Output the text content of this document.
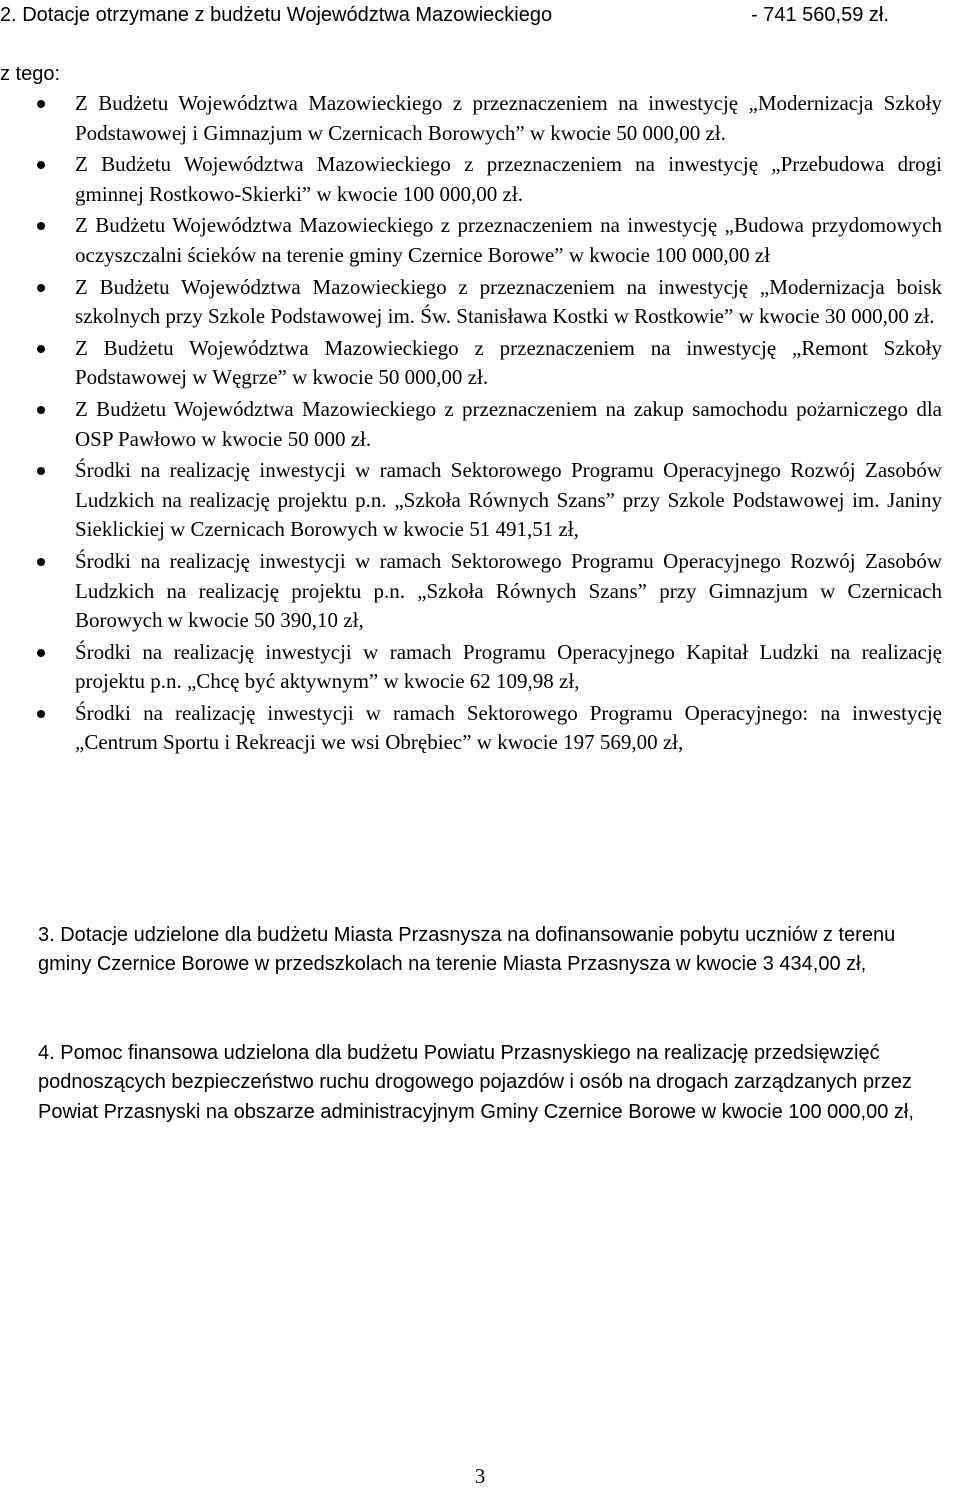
2. Dotacje otrzymane z budżetu Województwa Mazowieckiego	- 741 560,59 zł.
z tego:
Z Budżetu Województwa Mazowieckiego z przeznaczeniem na inwestycję „Modernizacja Szkoły Podstawowej i Gimnazjum w Czernicach Borowych” w kwocie 50 000,00 zł.
Z Budżetu Województwa Mazowieckiego z przeznaczeniem na inwestycję „Przebudowa drogi gminnej Rostkowo-Skierki” w kwocie 100 000,00 zł.
Z Budżetu Województwa Mazowieckiego z przeznaczeniem na inwestycję „Budowa przydomowych oczyszczalni ścieków na terenie gminy Czernice Borowe” w kwocie 100 000,00 zł
Z Budżetu Województwa Mazowieckiego z przeznaczeniem na inwestycję „Modernizacja boisk szkolnych przy Szkole Podstawowej im. Św. Stanisława Kostki w Rostkowie” w kwocie 30 000,00 zł.
Z Budżetu Województwa Mazowieckiego z przeznaczeniem na inwestycję „Remont Szkoły Podstawowej w Węgrze” w kwocie 50 000,00 zł.
Z Budżetu Województwa Mazowieckiego z przeznaczeniem na zakup samochodu pożarniczego dla OSP Pawłowo w kwocie 50 000 zł.
Środki na realizację inwestycji w ramach Sektorowego Programu Operacyjnego Rozwój Zasobów Ludzkich na realizację projektu p.n. „Szkoła Równych Szans” przy Szkole Podstawowej im. Janiny Sieklickiej w Czernicach Borowych w kwocie 51 491,51 zł,
Środki na realizację inwestycji w ramach Sektorowego Programu Operacyjnego Rozwój Zasobów Ludzkich na realizację projektu p.n. „Szkoła Równych Szans” przy Gimnazjum w Czernicach Borowych w kwocie 50 390,10 zł,
Środki na realizację inwestycji w ramach Programu Operacyjnego Kapitał Ludzki na realizację projektu p.n. „Chcę być aktywnym” w kwocie 62 109,98 zł,
Środki na realizację inwestycji w ramach Sektorowego Programu Operacyjnego: na inwestycję „Centrum Sportu i Rekreacji we wsi Obrębiec” w kwocie 197 569,00 zł,

3. Dotacje udzielone dla budżetu Miasta Przasnysza na dofinansowanie pobytu uczniów z terenu gminy Czernice Borowe w przedszkolach na terenie Miasta Przasnysza w kwocie 3 434,00 zł,

4. Pomoc finansowa udzielona dla budżetu Powiatu Przasnyskiego na realizację przedsięwzięć podnoszących bezpieczeństwo ruchu drogowego pojazdów i osób na drogach zarządzanych przez Powiat Przasnyski na obszarze administracyjnym Gminy Czernice Borowe w kwocie 100 000,00 zł,

3
